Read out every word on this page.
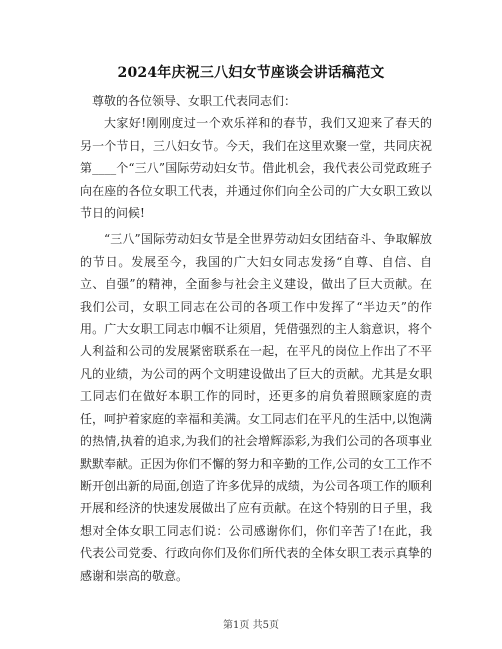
2024年庆祝三八妇女节座谈会讲话稿范文

尊敬的各位领导、女职工代表同志们：

大家好!刚刚度过一个欢乐祥和的春节，我们又迎来了春天的另一个节日，三八妇女节。今天，我们在这里欢聚一堂，共同庆祝第____个“三八”国际劳动妇女节。借此机会，我代表公司党政班子向在座的各位女职工代表，并通过你们向全公司的广大女职工致以节日的问候!

“三八”国际劳动妇女节是全世界劳动妇女团结奋斗、争取解放的节日。发展至今，我国的广大妇女同志发扬“自尊、自信、自立、自强”的精神，全面参与社会主义建设，做出了巨大贡献。在我们公司，女职工同志在公司的各项工作中发挥了“半边天”的作用。广大女职工同志巾帼不让须眉，凭借强烈的主人翁意识，将个人利益和公司的发展紧密联系在一起，在平凡的岗位上作出了不平凡的业绩，为公司的两个文明建设做出了巨大的贡献。尤其是女职工同志们在做好本职工作的同时，还更多的肩负着照顾家庭的责任，呵护着家庭的幸福和美满。女工同志们在平凡的生活中,以饱满的热情,执着的追求,为我们的社会增辉添彩,为我们公司的各项事业默默奉献。正因为你们不懈的努力和辛勤的工作,公司的女工工作不断开创出新的局面,创造了许多优异的成绩，为公司各项工作的顺利开展和经济的快速发展做出了应有贡献。在这个特别的日子里，我想对全体女职工同志们说：公司感谢你们，你们辛苦了!在此，我代表公司党委、行政向你们及你们所代表的全体女职工表示真挚的感谢和崇高的敬意。

第1页 共5页
